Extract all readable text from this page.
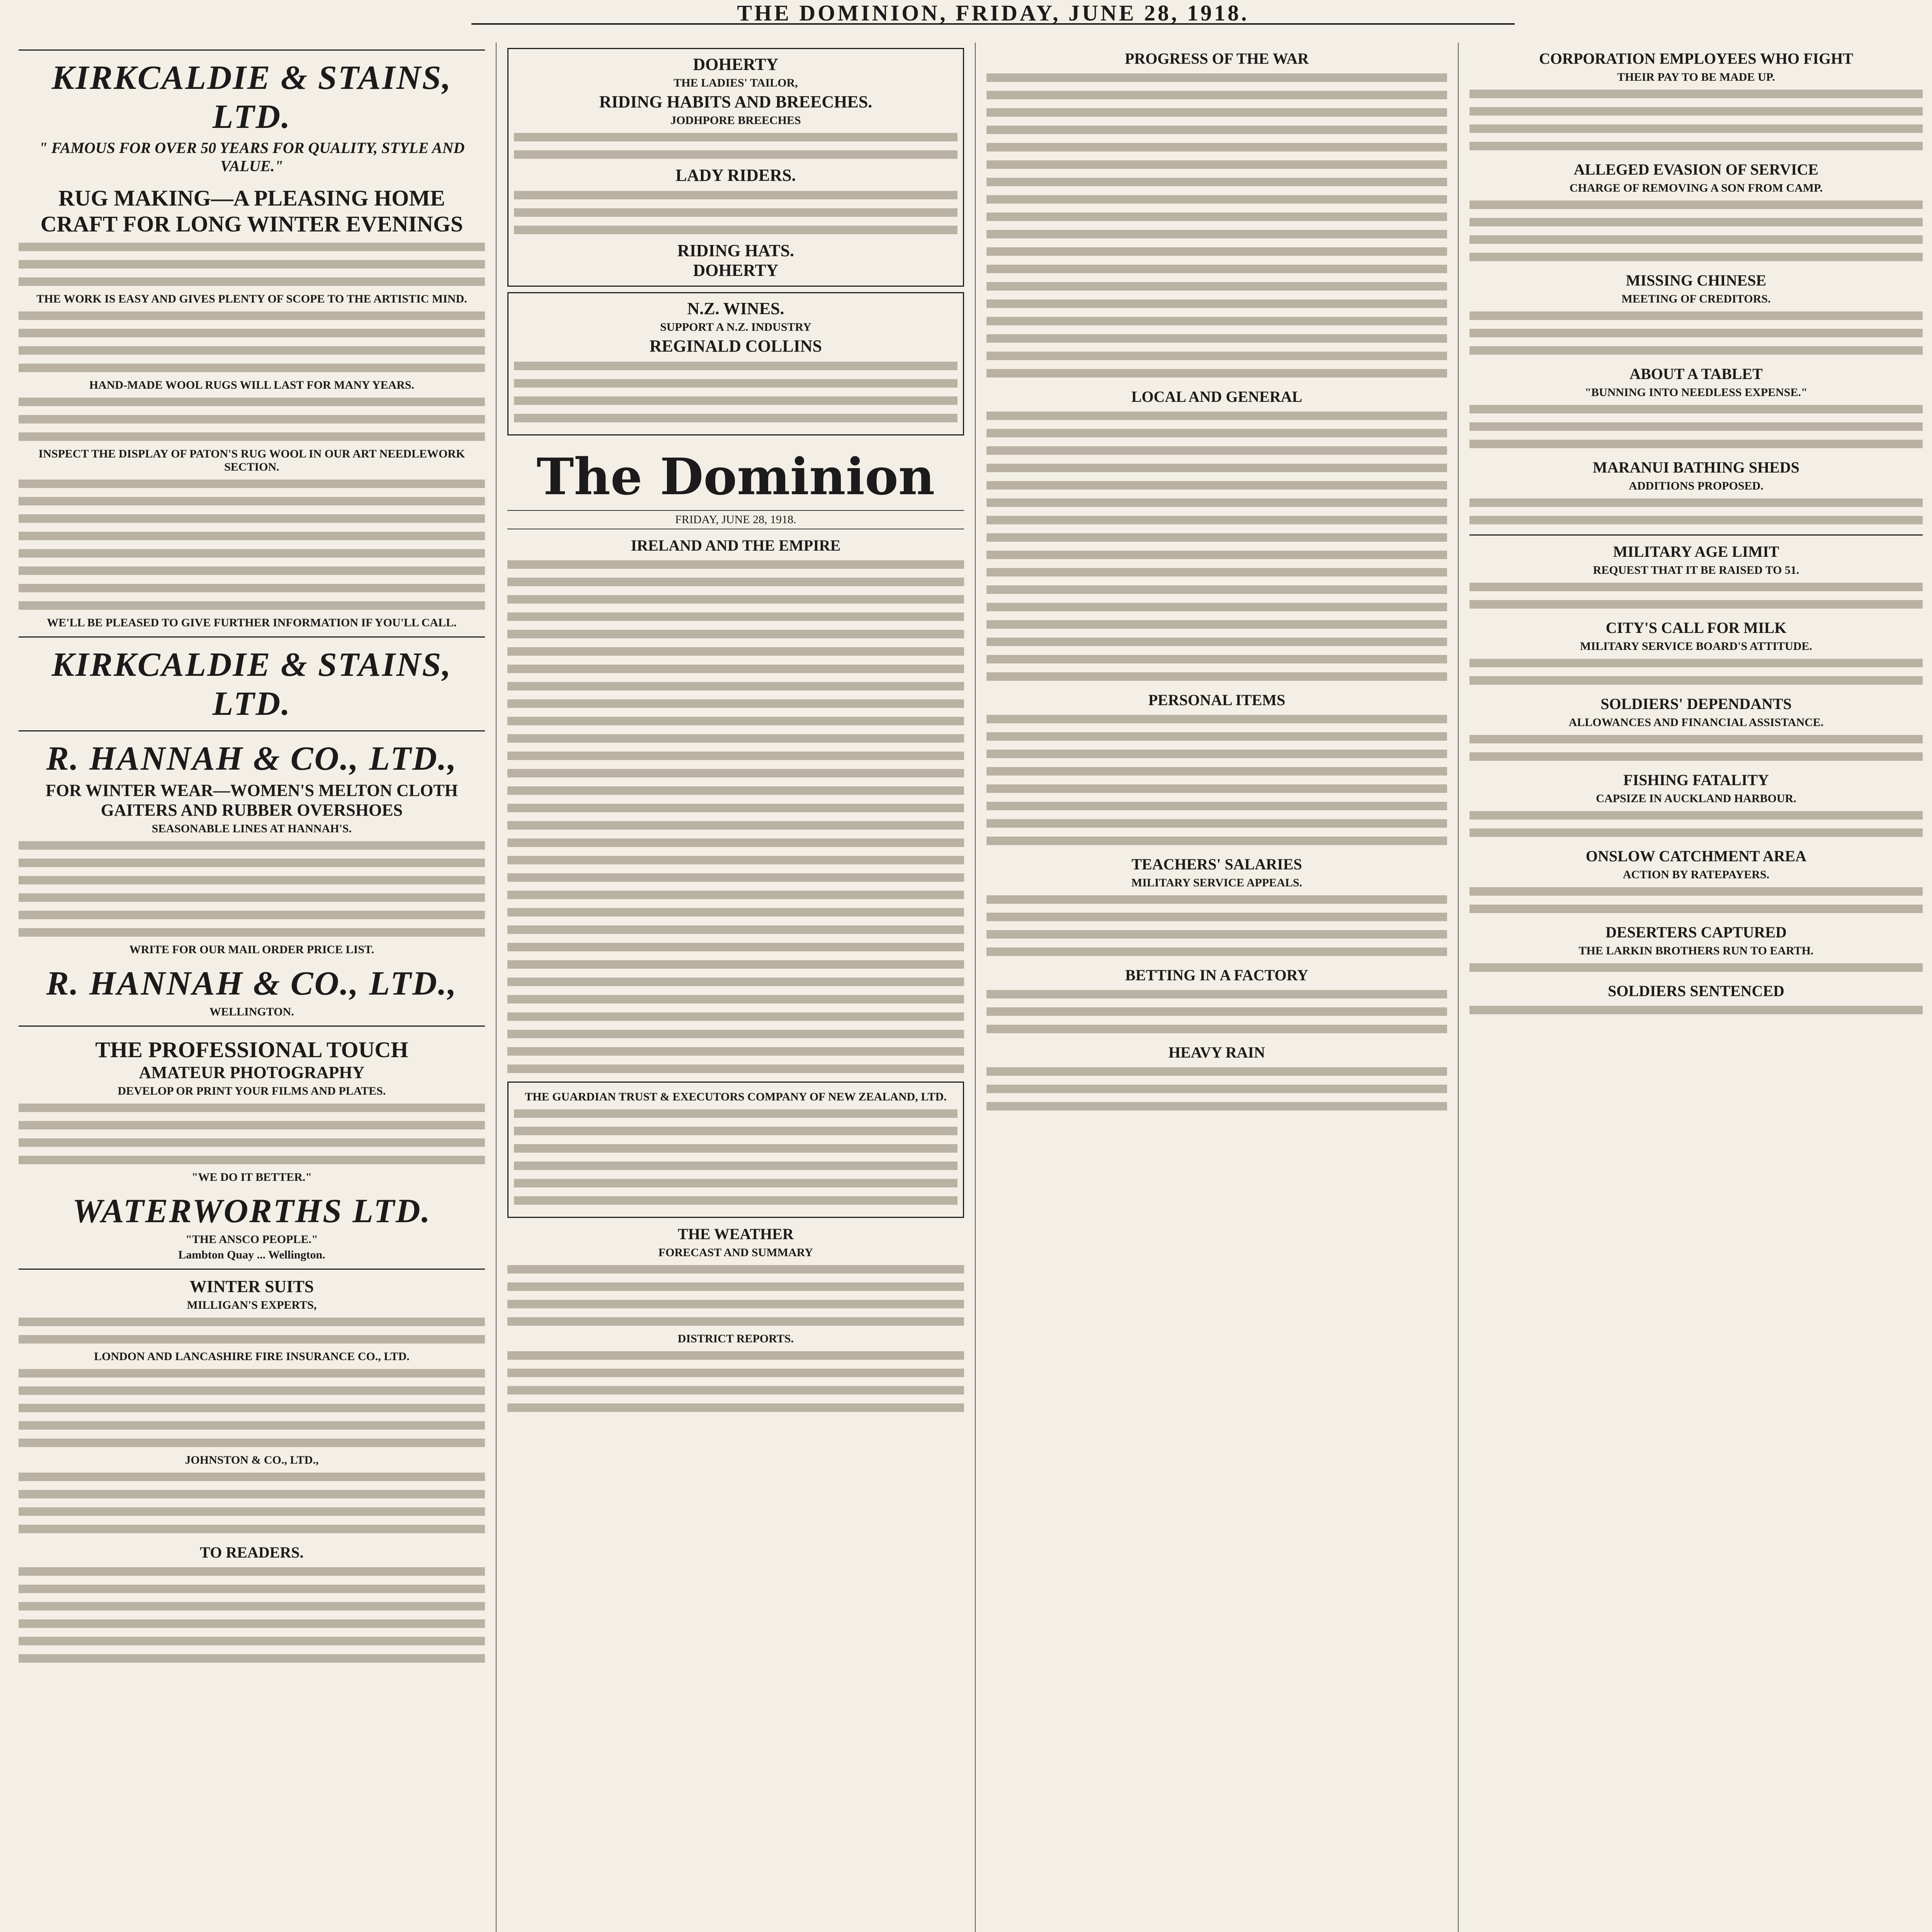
THE DOMINION, FRIDAY, JUNE 28, 1918.
KIRKCALDIE & STAINS, LTD.
" FAMOUS FOR OVER 50 YEARS FOR QUALITY, STYLE AND VALUE."
RUG MAKING—A PLEASING HOME CRAFT FOR LONG WINTER EVENINGS
THE WORK IS EASY AND GIVES PLENTY OF SCOPE TO THE ARTISTIC MIND.
HAND-MADE WOOL RUGS WILL LAST FOR MANY YEARS.
INSPECT THE DISPLAY OF PATON'S RUG WOOL IN OUR ART NEEDLEWORK SECTION.
WE'LL BE PLEASED TO GIVE FURTHER INFORMATION IF YOU'LL CALL.
KIRKCALDIE & STAINS, LTD.
R. HANNAH & CO., LTD.,
FOR WINTER WEAR—WOMEN'S MELTON CLOTH GAITERS AND RUBBER OVERSHOES
SEASONABLE LINES AT HANNAH'S.
WRITE FOR OUR MAIL ORDER PRICE LIST.
R. HANNAH & CO., LTD.,
WELLINGTON.
THE PROFESSIONAL TOUCH
AMATEUR PHOTOGRAPHY
DEVELOP OR PRINT YOUR FILMS AND PLATES.
"WE DO IT BETTER."
WATERWORTHS LTD.
"THE ANSCO PEOPLE."
Lambton Quay ... Wellington.
WINTER SUITS
MILLIGAN'S EXPERTS,
LONDON AND LANCASHIRE FIRE INSURANCE CO., LTD.
JOHNSTON & CO., LTD.,
TO READERS.
DOHERTY
THE LADIES' TAILOR,
RIDING HABITS AND BREECHES.
JODHPORE BREECHES
LADY RIDERS.
RIDING HATS.
DOHERTY
N.Z. WINES.
SUPPORT A N.Z. INDUSTRY
REGINALD COLLINS
The Dominion
FRIDAY, JUNE 28, 1918.
IRELAND AND THE EMPIRE
THE GUARDIAN TRUST & EXECUTORS COMPANY OF NEW ZEALAND, LTD.
THE WEATHER
FORECAST AND SUMMARY
DISTRICT REPORTS.
PROGRESS OF THE WAR
LOCAL AND GENERAL
PERSONAL ITEMS
TEACHERS' SALARIES
MILITARY SERVICE APPEALS.
BETTING IN A FACTORY
HEAVY RAIN
CORPORATION EMPLOYEES WHO FIGHT
THEIR PAY TO BE MADE UP.
ALLEGED EVASION OF SERVICE
CHARGE OF REMOVING A SON FROM CAMP.
MISSING CHINESE
MEETING OF CREDITORS.
ABOUT A TABLET
"BUNNING INTO NEEDLESS EXPENSE."
MARANUI BATHING SHEDS
ADDITIONS PROPOSED.
MILITARY AGE LIMIT
REQUEST THAT IT BE RAISED TO 51.
CITY'S CALL FOR MILK
MILITARY SERVICE BOARD'S ATTITUDE.
SOLDIERS' DEPENDANTS
ALLOWANCES AND FINANCIAL ASSISTANCE.
FISHING FATALITY
CAPSIZE IN AUCKLAND HARBOUR.
ONSLOW CATCHMENT AREA
ACTION BY RATEPAYERS.
DESERTERS CAPTURED
THE LARKIN BROTHERS RUN TO EARTH.
SOLDIERS SENTENCED
